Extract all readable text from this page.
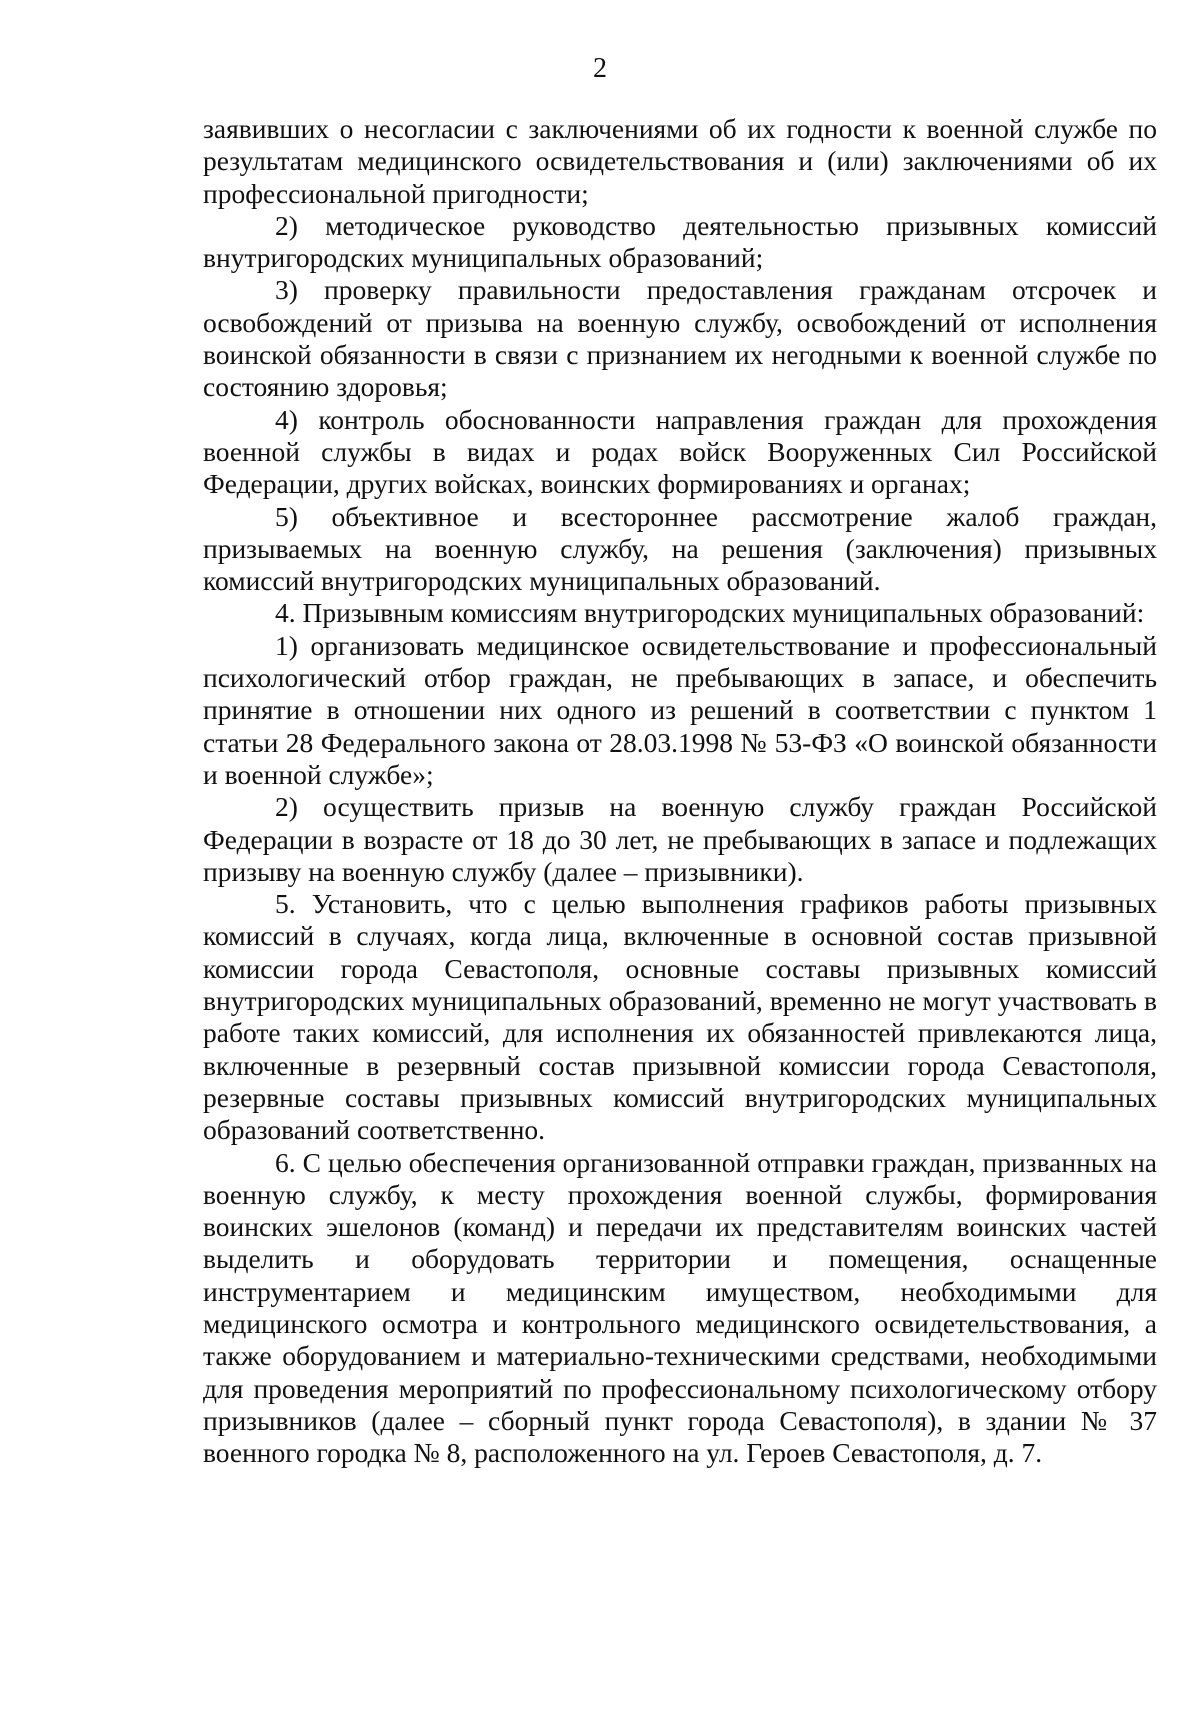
2

заявивших о несогласии с заключениями об их годности к военной службе по результатам медицинского освидетельствования и (или) заключениями об их профессиональной пригодности;

2) методическое руководство деятельностью призывных комиссий внутригородских муниципальных образований;

3) проверку правильности предоставления гражданам отсрочек и освобождений от призыва на военную службу, освобождений от исполнения воинской обязанности в связи с признанием их негодными к военной службе по состоянию здоровья;

4) контроль обоснованности направления граждан для прохождения военной службы в видах и родах войск Вооруженных Сил Российской Федерации, других войсках, воинских формированиях и органах;

5) объективное и всестороннее рассмотрение жалоб граждан, призываемых на военную службу, на решения (заключения) призывных комиссий внутригородских муниципальных образований.

4. Призывным комиссиям внутригородских муниципальных образований:

1) организовать медицинское освидетельствование и профессиональный психологический отбор граждан, не пребывающих в запасе, и обеспечить принятие в отношении них одного из решений в соответствии с пунктом 1 статьи 28 Федерального закона от 28.03.1998 № 53-ФЗ «О воинской обязанности и военной службе»;

2) осуществить призыв на военную службу граждан Российской Федерации в возрасте от 18 до 30 лет, не пребывающих в запасе и подлежащих призыву на военную службу (далее – призывники).

5. Установить, что с целью выполнения графиков работы призывных комиссий в случаях, когда лица, включенные в основной состав призывной комиссии города Севастополя, основные составы призывных комиссий внутригородских муниципальных образований, временно не могут участвовать в работе таких комиссий, для исполнения их обязанностей привлекаются лица, включенные в резервный состав призывной комиссии города Севастополя, резервные составы призывных комиссий внутригородских муниципальных образований соответственно.

6. С целью обеспечения организованной отправки граждан, призванных на военную службу, к месту прохождения военной службы, формирования воинских эшелонов (команд) и передачи их представителям воинских частей выделить и оборудовать территории и помещения, оснащенные инструментарием и медицинским имуществом, необходимыми для медицинского осмотра и контрольного медицинского освидетельствования, а также оборудованием и материально-техническими средствами, необходимыми для проведения мероприятий по профессиональному психологическому отбору призывников (далее – сборный пункт города Севастополя), в здании № 37 военного городка № 8, расположенного на ул. Героев Севастополя, д. 7.
